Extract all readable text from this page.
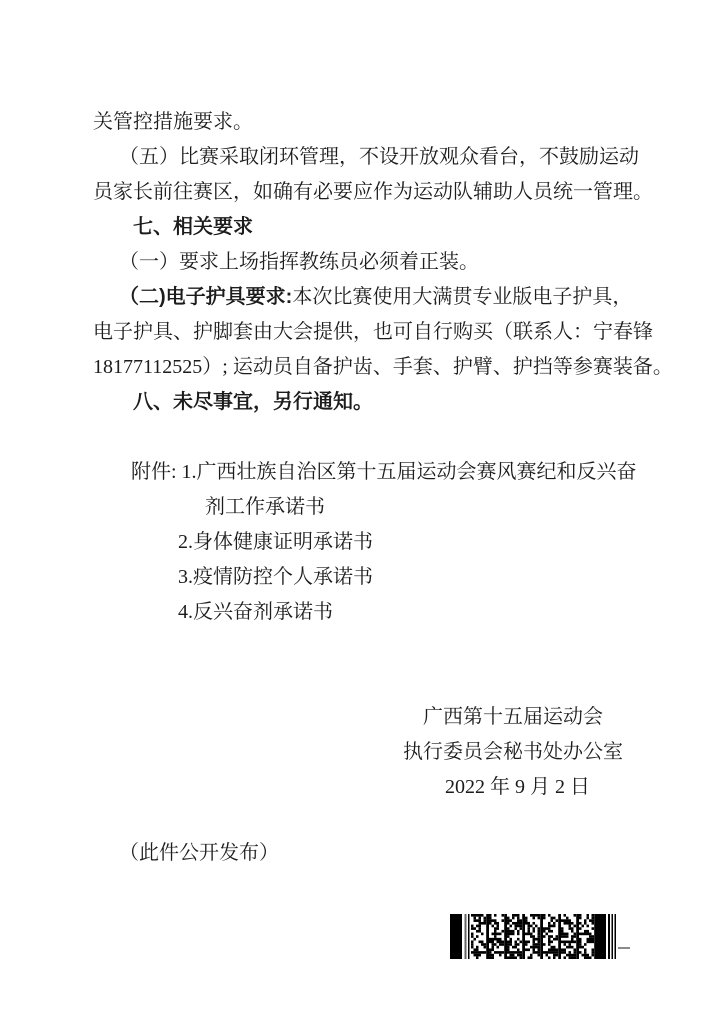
关管控措施要求。
（五）比赛采取闭环管理，不设开放观众看台，不鼓励运动
员家长前往赛区，如确有必要应作为运动队辅助人员统一管理。
七、相关要求
（一）要求上场指挥教练员必须着正装。
（二)电子护具要求:本次比赛使用大满贯专业版电子护具，
电子护具、护脚套由大会提供，也可自行购买（联系人：宁春锋
18177112525）; 运动员自备护齿、手套、护臂、护挡等参赛装备。
八、未尽事宜，另行通知。
附件: 1.广西壮族自治区第十五届运动会赛风赛纪和反兴奋
剂工作承诺书
2.身体健康证明承诺书
3.疫情防控个人承诺书
4.反兴奋剂承诺书
广西第十五届运动会
执行委员会秘书处办公室
2022 年 9 月 2 日
（此件公开发布）
